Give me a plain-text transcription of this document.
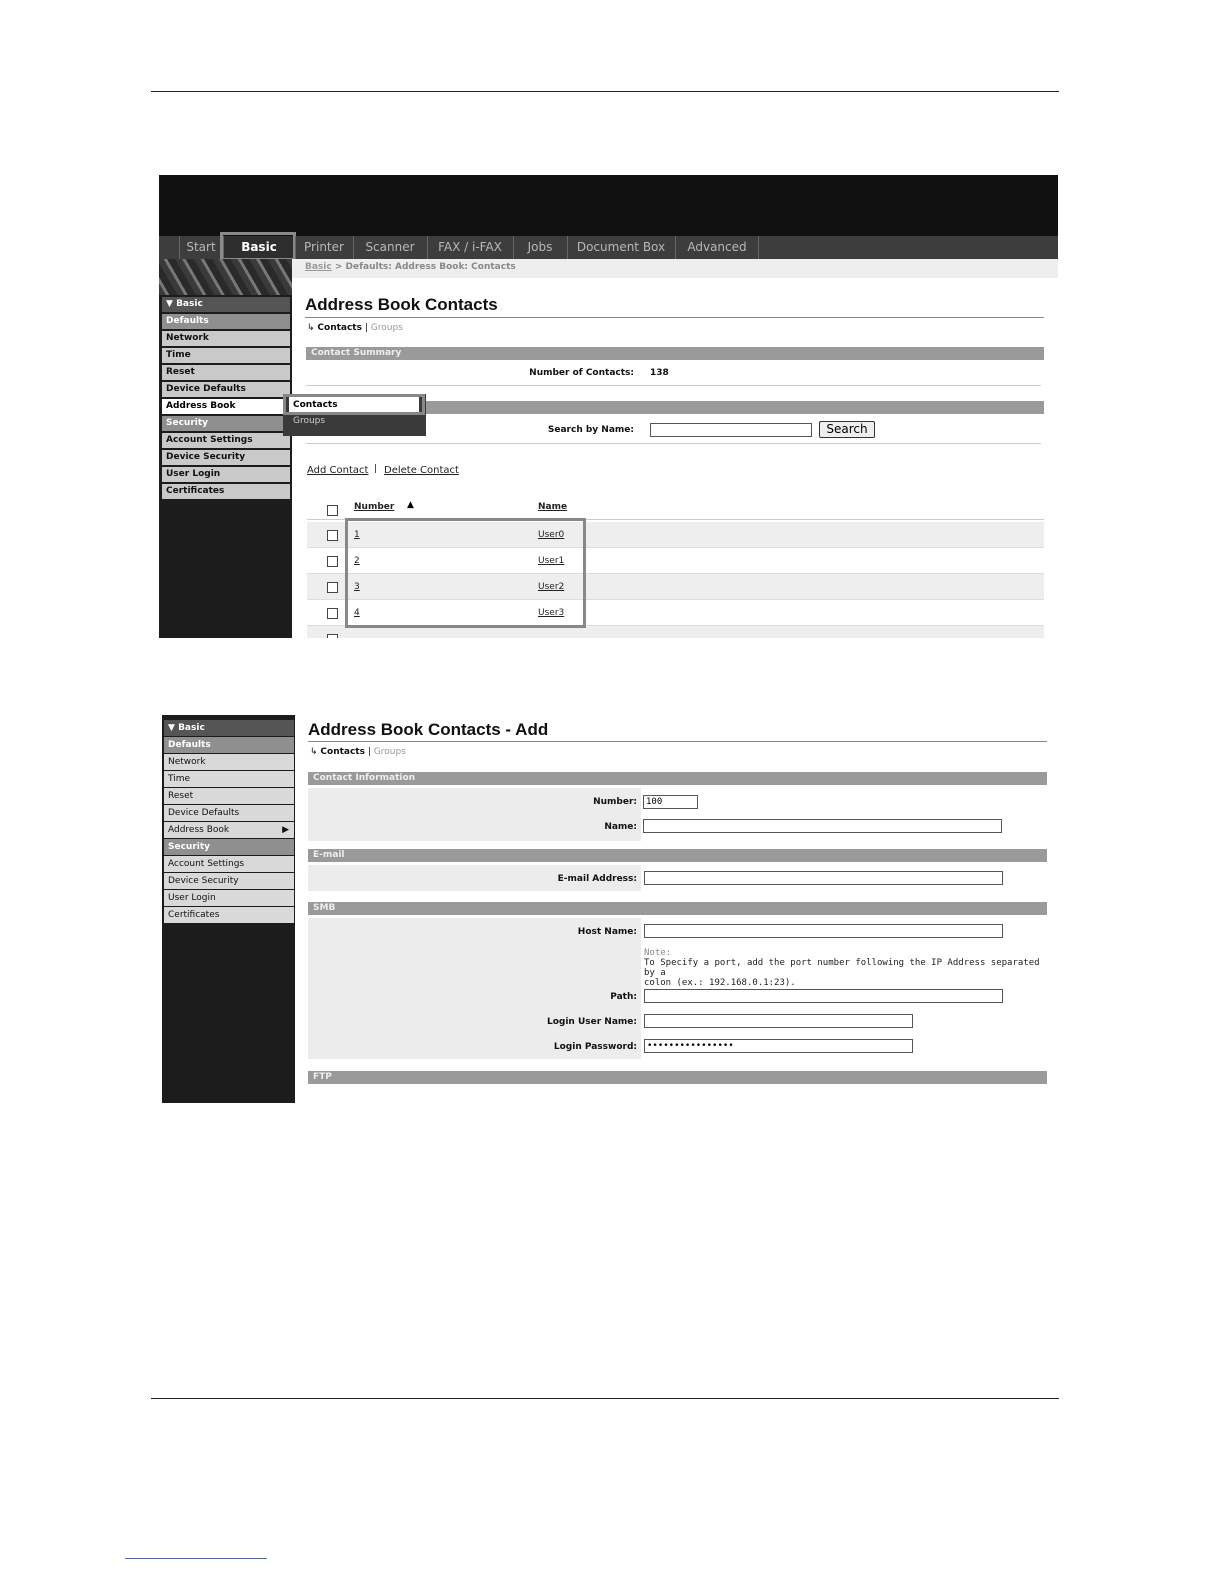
Start	Basic	Printer	Scanner	FAX / i-FAX	Jobs	Document Box	Advanced
▼ Basic
Defaults
Network
Time
Reset
Device Defaults
Address Book
Security
Account Settings
Device Security
User Login
Certificates
Basic > Defaults: Address Book: Contacts
Address Book Contacts
↳ Contacts | Groups
Contact Summary
Number of Contacts: 138
Contacts
Groups
Search by Name:	Search
Add Contact | Delete Contact
Number ▲	Name
1	User0
2	User1
3	User2
4	User3
▼ Basic
Defaults
Network
Time
Reset
Device Defaults
Address Book	▶
Security
Account Settings
Device Security
User Login
Certificates
Address Book Contacts - Add
↳ Contacts | Groups
Contact Information
Number:	100
Name:
E-mail
E-mail Address:
SMB
Host Name:
Note:
To Specify a port, add the port number following the IP Address separated by a
colon (ex.: 192.168.0.1:23).
Path:
Login User Name:
Login Password:	••••••••••••••••
FTP
